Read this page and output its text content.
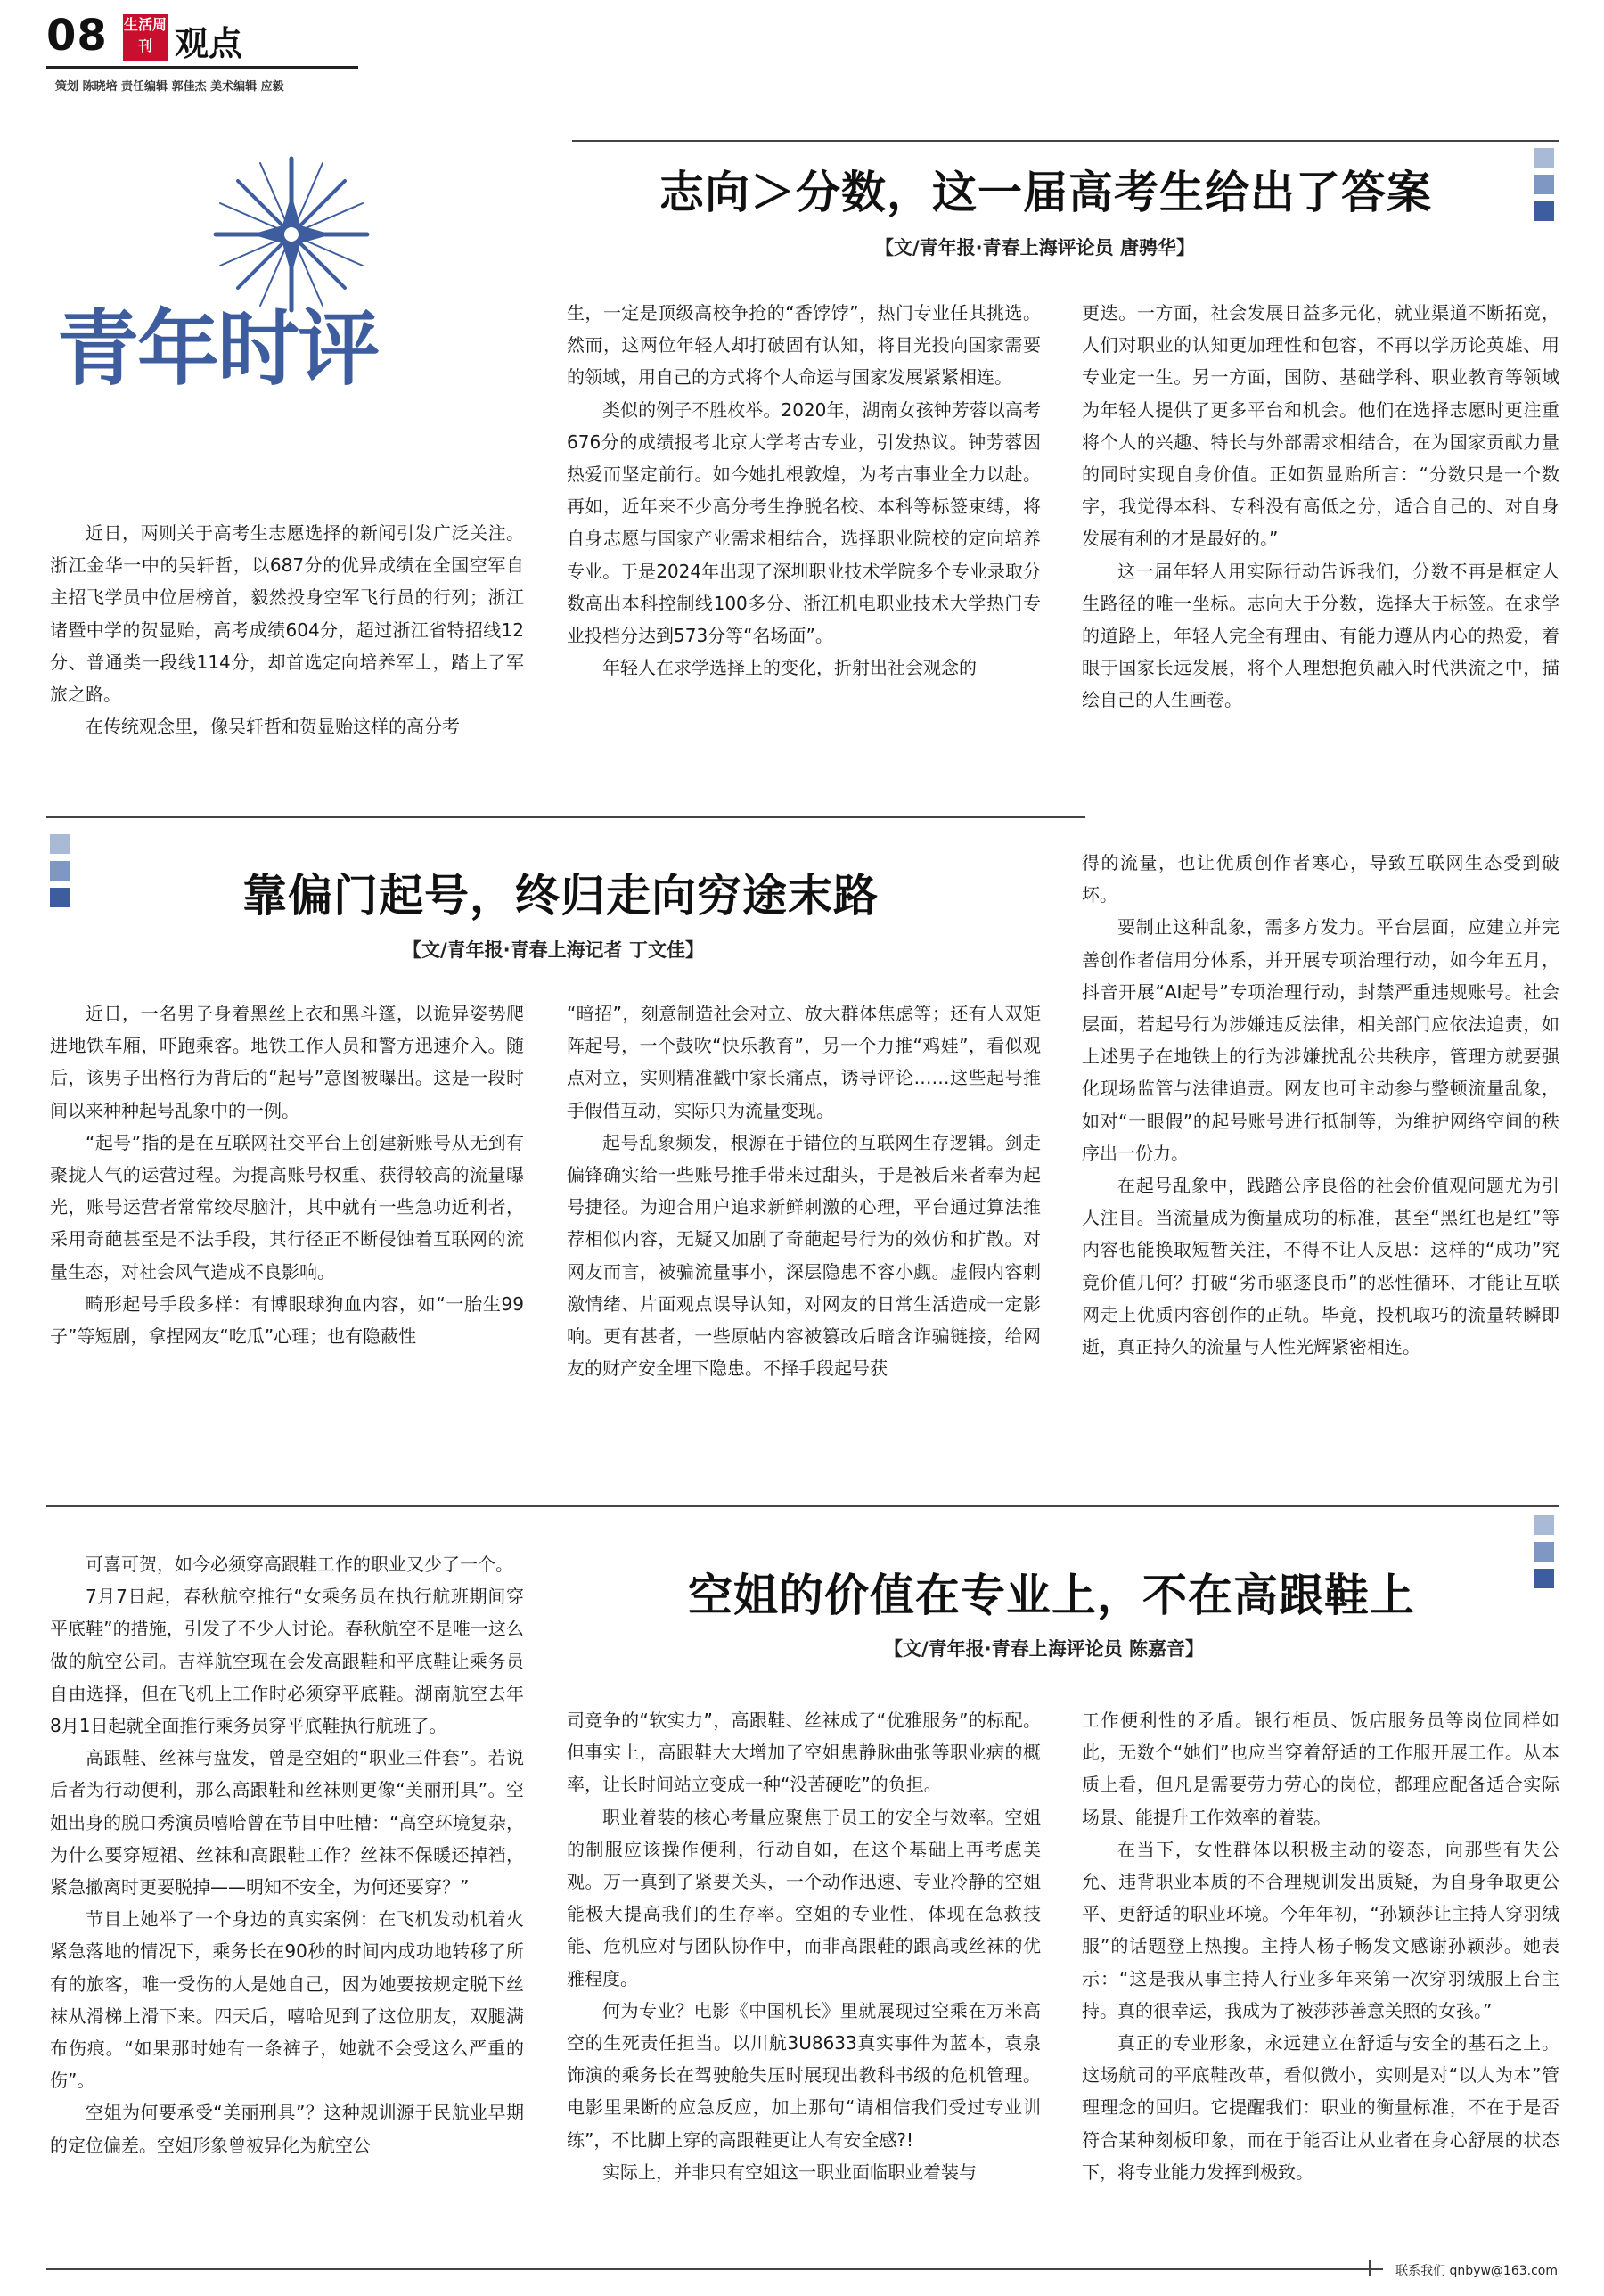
08 生活周刊 观点
策划 陈晓培 责任编辑 郭佳杰 美术编辑 应毅
青年时评
志向＞分数，这一届高考生给出了答案
【文/青年报·青春上海评论员 唐骋华】

近日，两则关于高考生志愿选择的新闻引发广泛关注。浙江金华一中的吴轩哲，以687分的优异成绩在全国空军自主招飞学员中位居榜首，毅然投身空军飞行员的行列；浙江诸暨中学的贺显贻，高考成绩604分，超过浙江省特招线12分、普通类一段线114分，却首选定向培养军士，踏上了军旅之路。

在传统观念里，像吴轩哲和贺显贻这样的高分考

生，一定是顶级高校争抢的“香饽饽”，热门专业任其挑选。然而，这两位年轻人却打破固有认知，将目光投向国家需要的领域，用自己的方式将个人命运与国家发展紧紧相连。

类似的例子不胜枚举。2020年，湖南女孩钟芳蓉以高考676分的成绩报考北京大学考古专业，引发热议。钟芳蓉因热爱而坚定前行。如今她扎根敦煌，为考古事业全力以赴。再如，近年来不少高分考生挣脱名校、本科等标签束缚，将自身志愿与国家产业需求相结合，选择职业院校的定向培养专业。于是2024年出现了深圳职业技术学院多个专业录取分数高出本科控制线100多分、浙江机电职业技术大学热门专业投档分达到573分等“名场面”。

年轻人在求学选择上的变化，折射出社会观念的

更迭。一方面，社会发展日益多元化，就业渠道不断拓宽，人们对职业的认知更加理性和包容，不再以学历论英雄、用专业定一生。另一方面，国防、基础学科、职业教育等领域为年轻人提供了更多平台和机会。他们在选择志愿时更注重将个人的兴趣、特长与外部需求相结合，在为国家贡献力量的同时实现自身价值。正如贺显贻所言：“分数只是一个数字，我觉得本科、专科没有高低之分，适合自己的、对自身发展有利的才是最好的。”

这一届年轻人用实际行动告诉我们，分数不再是框定人生路径的唯一坐标。志向大于分数，选择大于标签。在求学的道路上，年轻人完全有理由、有能力遵从内心的热爱，着眼于国家长远发展，将个人理想抱负融入时代洪流之中，描绘自己的人生画卷。

靠偏门起号，终归走向穷途末路
【文/青年报·青春上海记者 丁文佳】

近日，一名男子身着黑丝上衣和黑斗篷，以诡异姿势爬进地铁车厢，吓跑乘客。地铁工作人员和警方迅速介入。随后，该男子出格行为背后的“起号”意图被曝出。这是一段时间以来种种起号乱象中的一例。

“起号”指的是在互联网社交平台上创建新账号从无到有聚拢人气的运营过程。为提高账号权重、获得较高的流量曝光，账号运营者常常绞尽脑汁，其中就有一些急功近利者，采用奇葩甚至是不法手段，其行径正不断侵蚀着互联网的流量生态，对社会风气造成不良影响。

畸形起号手段多样：有博眼球狗血内容，如“一胎生99子”等短剧，拿捏网友“吃瓜”心理；也有隐蔽性

“暗招”，刻意制造社会对立、放大群体焦虑等；还有人双矩阵起号，一个鼓吹“快乐教育”，另一个力推“鸡娃”，看似观点对立，实则精准戳中家长痛点，诱导评论……这些起号推手假借互动，实际只为流量变现。

起号乱象频发，根源在于错位的互联网生存逻辑。剑走偏锋确实给一些账号推手带来过甜头，于是被后来者奉为起号捷径。为迎合用户追求新鲜刺激的心理，平台通过算法推荐相似内容，无疑又加剧了奇葩起号行为的效仿和扩散。对网友而言，被骗流量事小，深层隐患不容小觑。虚假内容刺激情绪、片面观点误导认知，对网友的日常生活造成一定影响。更有甚者，一些原帖内容被篡改后暗含诈骗链接，给网友的财产安全埋下隐患。不择手段起号获

得的流量，也让优质创作者寒心，导致互联网生态受到破坏。

要制止这种乱象，需多方发力。平台层面，应建立并完善创作者信用分体系，并开展专项治理行动，如今年五月，抖音开展“AI起号”专项治理行动，封禁严重违规账号。社会层面，若起号行为涉嫌违反法律，相关部门应依法追责，如上述男子在地铁上的行为涉嫌扰乱公共秩序，管理方就要强化现场监管与法律追责。网友也可主动参与整顿流量乱象，如对“一眼假”的起号账号进行抵制等，为维护网络空间的秩序出一份力。

在起号乱象中，践踏公序良俗的社会价值观问题尤为引人注目。当流量成为衡量成功的标准，甚至“黑红也是红”等内容也能换取短暂关注，不得不让人反思：这样的“成功”究竟价值几何？打破“劣币驱逐良币”的恶性循环，才能让互联网走上优质内容创作的正轨。毕竟，投机取巧的流量转瞬即逝，真正持久的流量与人性光辉紧密相连。

空姐的价值在专业上，不在高跟鞋上
【文/青年报·青春上海评论员 陈嘉音】

可喜可贺，如今必须穿高跟鞋工作的职业又少了一个。

7月7日起，春秋航空推行“女乘务员在执行航班期间穿平底鞋”的措施，引发了不少人讨论。春秋航空不是唯一这么做的航空公司。吉祥航空现在会发高跟鞋和平底鞋让乘务员自由选择，但在飞机上工作时必须穿平底鞋。湖南航空去年8月1日起就全面推行乘务员穿平底鞋执行航班了。

高跟鞋、丝袜与盘发，曾是空姐的“职业三件套”。若说后者为行动便利，那么高跟鞋和丝袜则更像“美丽刑具”。空姐出身的脱口秀演员嘻哈曾在节目中吐槽：“高空环境复杂，为什么要穿短裙、丝袜和高跟鞋工作？丝袜不保暖还掉裆，紧急撤离时更要脱掉——明知不安全，为何还要穿？”

节目上她举了一个身边的真实案例：在飞机发动机着火紧急落地的情况下，乘务长在90秒的时间内成功地转移了所有的旅客，唯一受伤的人是她自己，因为她要按规定脱下丝袜从滑梯上滑下来。四天后，嘻哈见到了这位朋友，双腿满布伤痕。“如果那时她有一条裤子，她就不会受这么严重的伤”。

空姐为何要承受“美丽刑具”？这种规训源于民航业早期的定位偏差。空姐形象曾被异化为航空公

司竞争的“软实力”，高跟鞋、丝袜成了“优雅服务”的标配。但事实上，高跟鞋大大增加了空姐患静脉曲张等职业病的概率，让长时间站立变成一种“没苦硬吃”的负担。

职业着装的核心考量应聚焦于员工的安全与效率。空姐的制服应该操作便利，行动自如，在这个基础上再考虑美观。万一真到了紧要关头，一个动作迅速、专业冷静的空姐能极大提高我们的生存率。空姐的专业性，体现在急救技能、危机应对与团队协作中，而非高跟鞋的跟高或丝袜的优雅程度。

何为专业？电影《中国机长》里就展现过空乘在万米高空的生死责任担当。以川航3U8633真实事件为蓝本，袁泉饰演的乘务长在驾驶舱失压时展现出教科书级的危机管理。电影里果断的应急反应，加上那句“请相信我们受过专业训练”，不比脚上穿的高跟鞋更让人有安全感?!

实际上，并非只有空姐这一职业面临职业着装与

工作便利性的矛盾。银行柜员、饭店服务员等岗位同样如此，无数个“她们”也应当穿着舒适的工作服开展工作。从本质上看，但凡是需要劳力劳心的岗位，都理应配备适合实际场景、能提升工作效率的着装。

在当下，女性群体以积极主动的姿态，向那些有失公允、违背职业本质的不合理规训发出质疑，为自身争取更公平、更舒适的职业环境。今年年初，“孙颖莎让主持人穿羽绒服”的话题登上热搜。主持人杨子畅发文感谢孙颖莎。她表示：“这是我从事主持人行业多年来第一次穿羽绒服上台主持。真的很幸运，我成为了被莎莎善意关照的女孩。”

真正的专业形象，永远建立在舒适与安全的基石之上。这场航司的平底鞋改革，看似微小，实则是对“以人为本”管理理念的回归。它提醒我们：职业的衡量标准，不在于是否符合某种刻板印象，而在于能否让从业者在身心舒展的状态下，将专业能力发挥到极致。

联系我们 qnbyw@163.com
